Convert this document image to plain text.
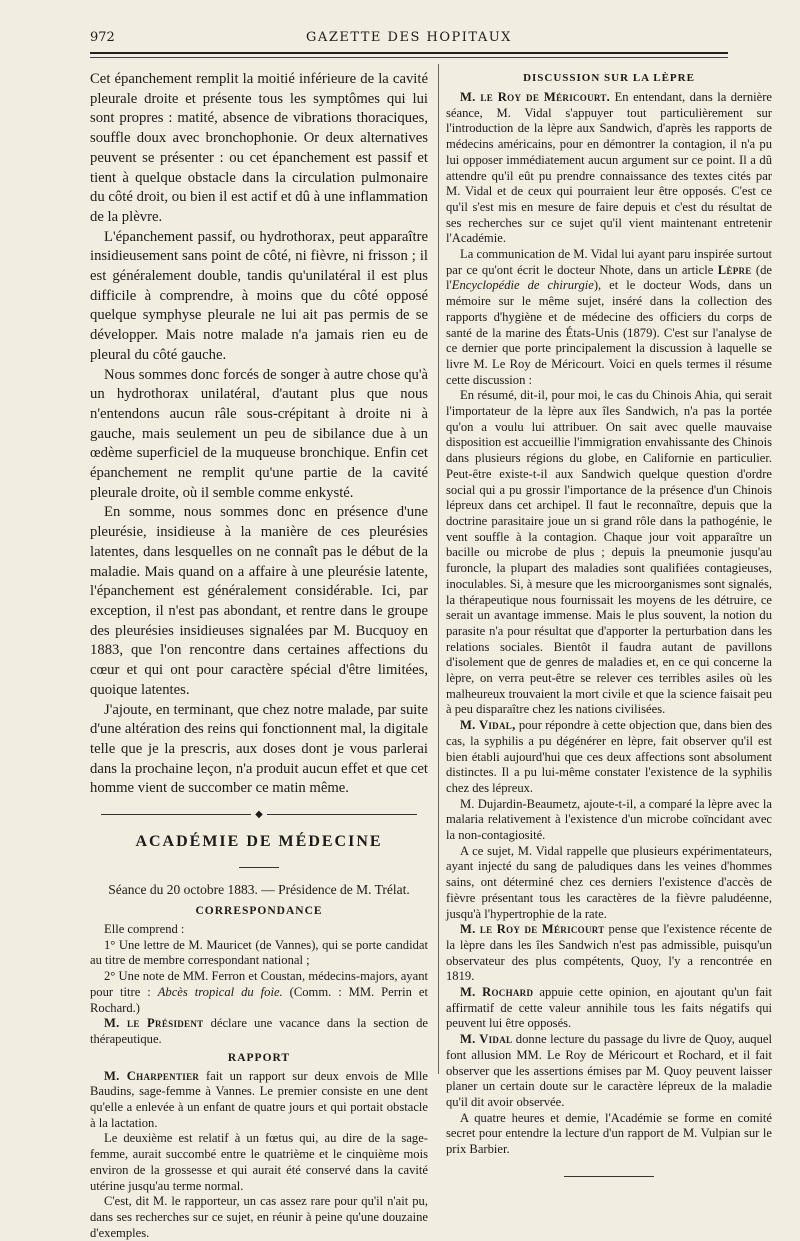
972	GAZETTE DES HOPITAUX

Cet épanchement remplit la moitié inférieure de la cavité pleurale droite et présente tous les symptômes qui lui sont propres : matité, absence de vibrations thoraciques, souffle doux avec bronchophonie. Or deux alternatives peuvent se présenter : ou cet épanchement est passif et tient à quelque obstacle dans la circulation pulmonaire du côté droit, ou bien il est actif et dû à une inflammation de la plèvre.

L'épanchement passif, ou hydrothorax, peut apparaître insidieusement sans point de côté, ni fièvre, ni frisson ; il est généralement double, tandis qu'unilatéral il est plus difficile à comprendre, à moins que du côté opposé quelque symphyse pleurale ne lui ait pas permis de se développer. Mais notre malade n'a jamais rien eu de pleural du côté gauche.

Nous sommes donc forcés de songer à autre chose qu'à un hydrothorax unilatéral, d'autant plus que nous n'entendons aucun râle sous-crépitant à droite ni à gauche, mais seulement un peu de sibilance due à un œdème superficiel de la muqueuse bronchique. Enfin cet épanchement ne remplit qu'une partie de la cavité pleurale droite, où il semble comme enkysté.

En somme, nous sommes donc en présence d'une pleurésie, insidieuse à la manière de ces pleurésies latentes, dans lesquelles on ne connaît pas le début de la maladie. Mais quand on a affaire à une pleurésie latente, l'épanchement est généralement considérable. Ici, par exception, il n'est pas abondant, et rentre dans le groupe des pleurésies insidieuses signalées par M. Bucquoy en 1883, que l'on rencontre dans certaines affections du cœur et qui ont pour caractère spécial d'être limitées, quoique latentes.

J'ajoute, en terminant, que chez notre malade, par suite d'une altération des reins qui fonctionnent mal, la digitale telle que je la prescris, aux doses dont je vous parlerai dans la prochaine leçon, n'a produit aucun effet et que cet homme vient de succomber ce matin même.

◆
ACADÉMIE DE MÉDECINE
Séance du 20 octobre 1883. — Présidence de M. Trélat.
CORRESPONDANCE

Elle comprend :

1° Une lettre de M. Mauricet (de Vannes), qui se porte candidat au titre de membre correspondant national ;

2° Une note de MM. Ferron et Coustan, médecins-majors, ayant pour titre : Abcès tropical du foie. (Comm. : MM. Perrin et Rochard.)

M. le Président déclare une vacance dans la section de thérapeutique.

RAPPORT

M. Charpentier fait un rapport sur deux envois de Mlle Baudins, sage-femme à Vannes. Le premier consiste en une dent qu'elle a enlevée à un enfant de quatre jours et qui portait obstacle à la lactation.

Le deuxième est relatif à un fœtus qui, au dire de la sage-femme, aurait succombé entre le quatrième et le cinquième mois environ de la grossesse et qui aurait été conservé dans la cavité utérine jusqu'au terme normal.

C'est, dit M. le rapporteur, un cas assez rare pour qu'il n'ait pu, dans ses recherches sur ce sujet, en réunir à peine qu'une douzaine d'exemples.

DISCUSSION SUR LA LÈPRE

M. le Roy de Méricourt. En entendant, dans la dernière séance, M. Vidal s'appuyer tout particulièrement sur l'introduction de la lèpre aux Sandwich, d'après les rapports de médecins américains, pour en démontrer la contagion, il n'a pu lui opposer immédiatement aucun argument sur ce point. Il a dû attendre qu'il eût pu prendre connaissance des textes cités par M. Vidal et de ceux qui pourraient leur être opposés. C'est ce qu'il s'est mis en mesure de faire depuis et c'est du résultat de ses recherches sur ce sujet qu'il vient maintenant entretenir l'Académie.

La communication de M. Vidal lui ayant paru inspirée surtout par ce qu'ont écrit le docteur Nhote, dans un article Lèpre (de l'Encyclopédie de chirurgie), et le docteur Wods, dans un mémoire sur le même sujet, inséré dans la collection des rapports d'hygiène et de médecine des officiers du corps de santé de la marine des États-Unis (1879). C'est sur l'analyse de ce dernier que porte principalement la discussion à laquelle se livre M. Le Roy de Méricourt. Voici en quels termes il résume cette discussion :

En résumé, dit-il, pour moi, le cas du Chinois Ahia, qui serait l'importateur de la lèpre aux îles Sandwich, n'a pas la portée qu'on a voulu lui attribuer. On sait avec quelle mauvaise disposition est accueillie l'immigration envahissante des Chinois dans plusieurs régions du globe, en Californie en particulier. Peut-être existe-t-il aux Sandwich quelque question d'ordre social qui a pu grossir l'importance de la présence d'un Chinois lépreux dans cet archipel. Il faut le reconnaître, depuis que la doctrine parasitaire joue un si grand rôle dans la pathogénie, le vent souffle à la contagion. Chaque jour voit apparaître un bacille ou microbe de plus ; depuis la pneumonie jusqu'au furoncle, la plupart des maladies sont qualifiées contagieuses, inoculables. Si, à mesure que les microorganismes sont signalés, la thérapeutique nous fournissait les moyens de les détruire, ce serait un avantage immense. Mais le plus souvent, la notion du parasite n'a pour résultat que d'apporter la perturbation dans les relations sociales. Bientôt il faudra autant de pavillons d'isolement que de genres de maladies et, en ce qui concerne la lèpre, on verra peut-être se relever ces terribles asiles où les malheureux trouvaient la mort civile et que la science faisait peu à peu disparaître chez les nations civilisées.

M. Vidal, pour répondre à cette objection que, dans bien des cas, la syphilis a pu dégénérer en lèpre, fait observer qu'il est bien établi aujourd'hui que ces deux affections sont absolument distinctes. Il a pu lui-même constater l'existence de la syphilis chez des lépreux.

M. Dujardin-Beaumetz, ajoute-t-il, a comparé la lèpre avec la malaria relativement à l'existence d'un microbe coïncidant avec la non-contagiosité.

A ce sujet, M. Vidal rappelle que plusieurs expérimentateurs, ayant injecté du sang de paludiques dans les veines d'hommes sains, ont déterminé chez ces derniers l'existence d'accès de fièvre présentant tous les caractères de la fièvre paludéenne, jusqu'à l'hypertrophie de la rate.

M. le Roy de Méricourt pense que l'existence récente de la lèpre dans les îles Sandwich n'est pas admissible, puisqu'un observateur des plus compétents, Quoy, l'y a rencontrée en 1819.

M. Rochard appuie cette opinion, en ajoutant qu'un fait affirmatif de cette valeur annihile tous les faits négatifs qui peuvent lui être opposés.

M. Vidal donne lecture du passage du livre de Quoy, auquel font allusion MM. Le Roy de Méricourt et Rochard, et il fait observer que les assertions émises par M. Quoy peuvent laisser planer un certain doute sur le caractère lépreux de la maladie qu'il dit avoir observée.

A quatre heures et demie, l'Académie se forme en comité secret pour entendre la lecture d'un rapport de M. Vulpian sur le prix Barbier.
